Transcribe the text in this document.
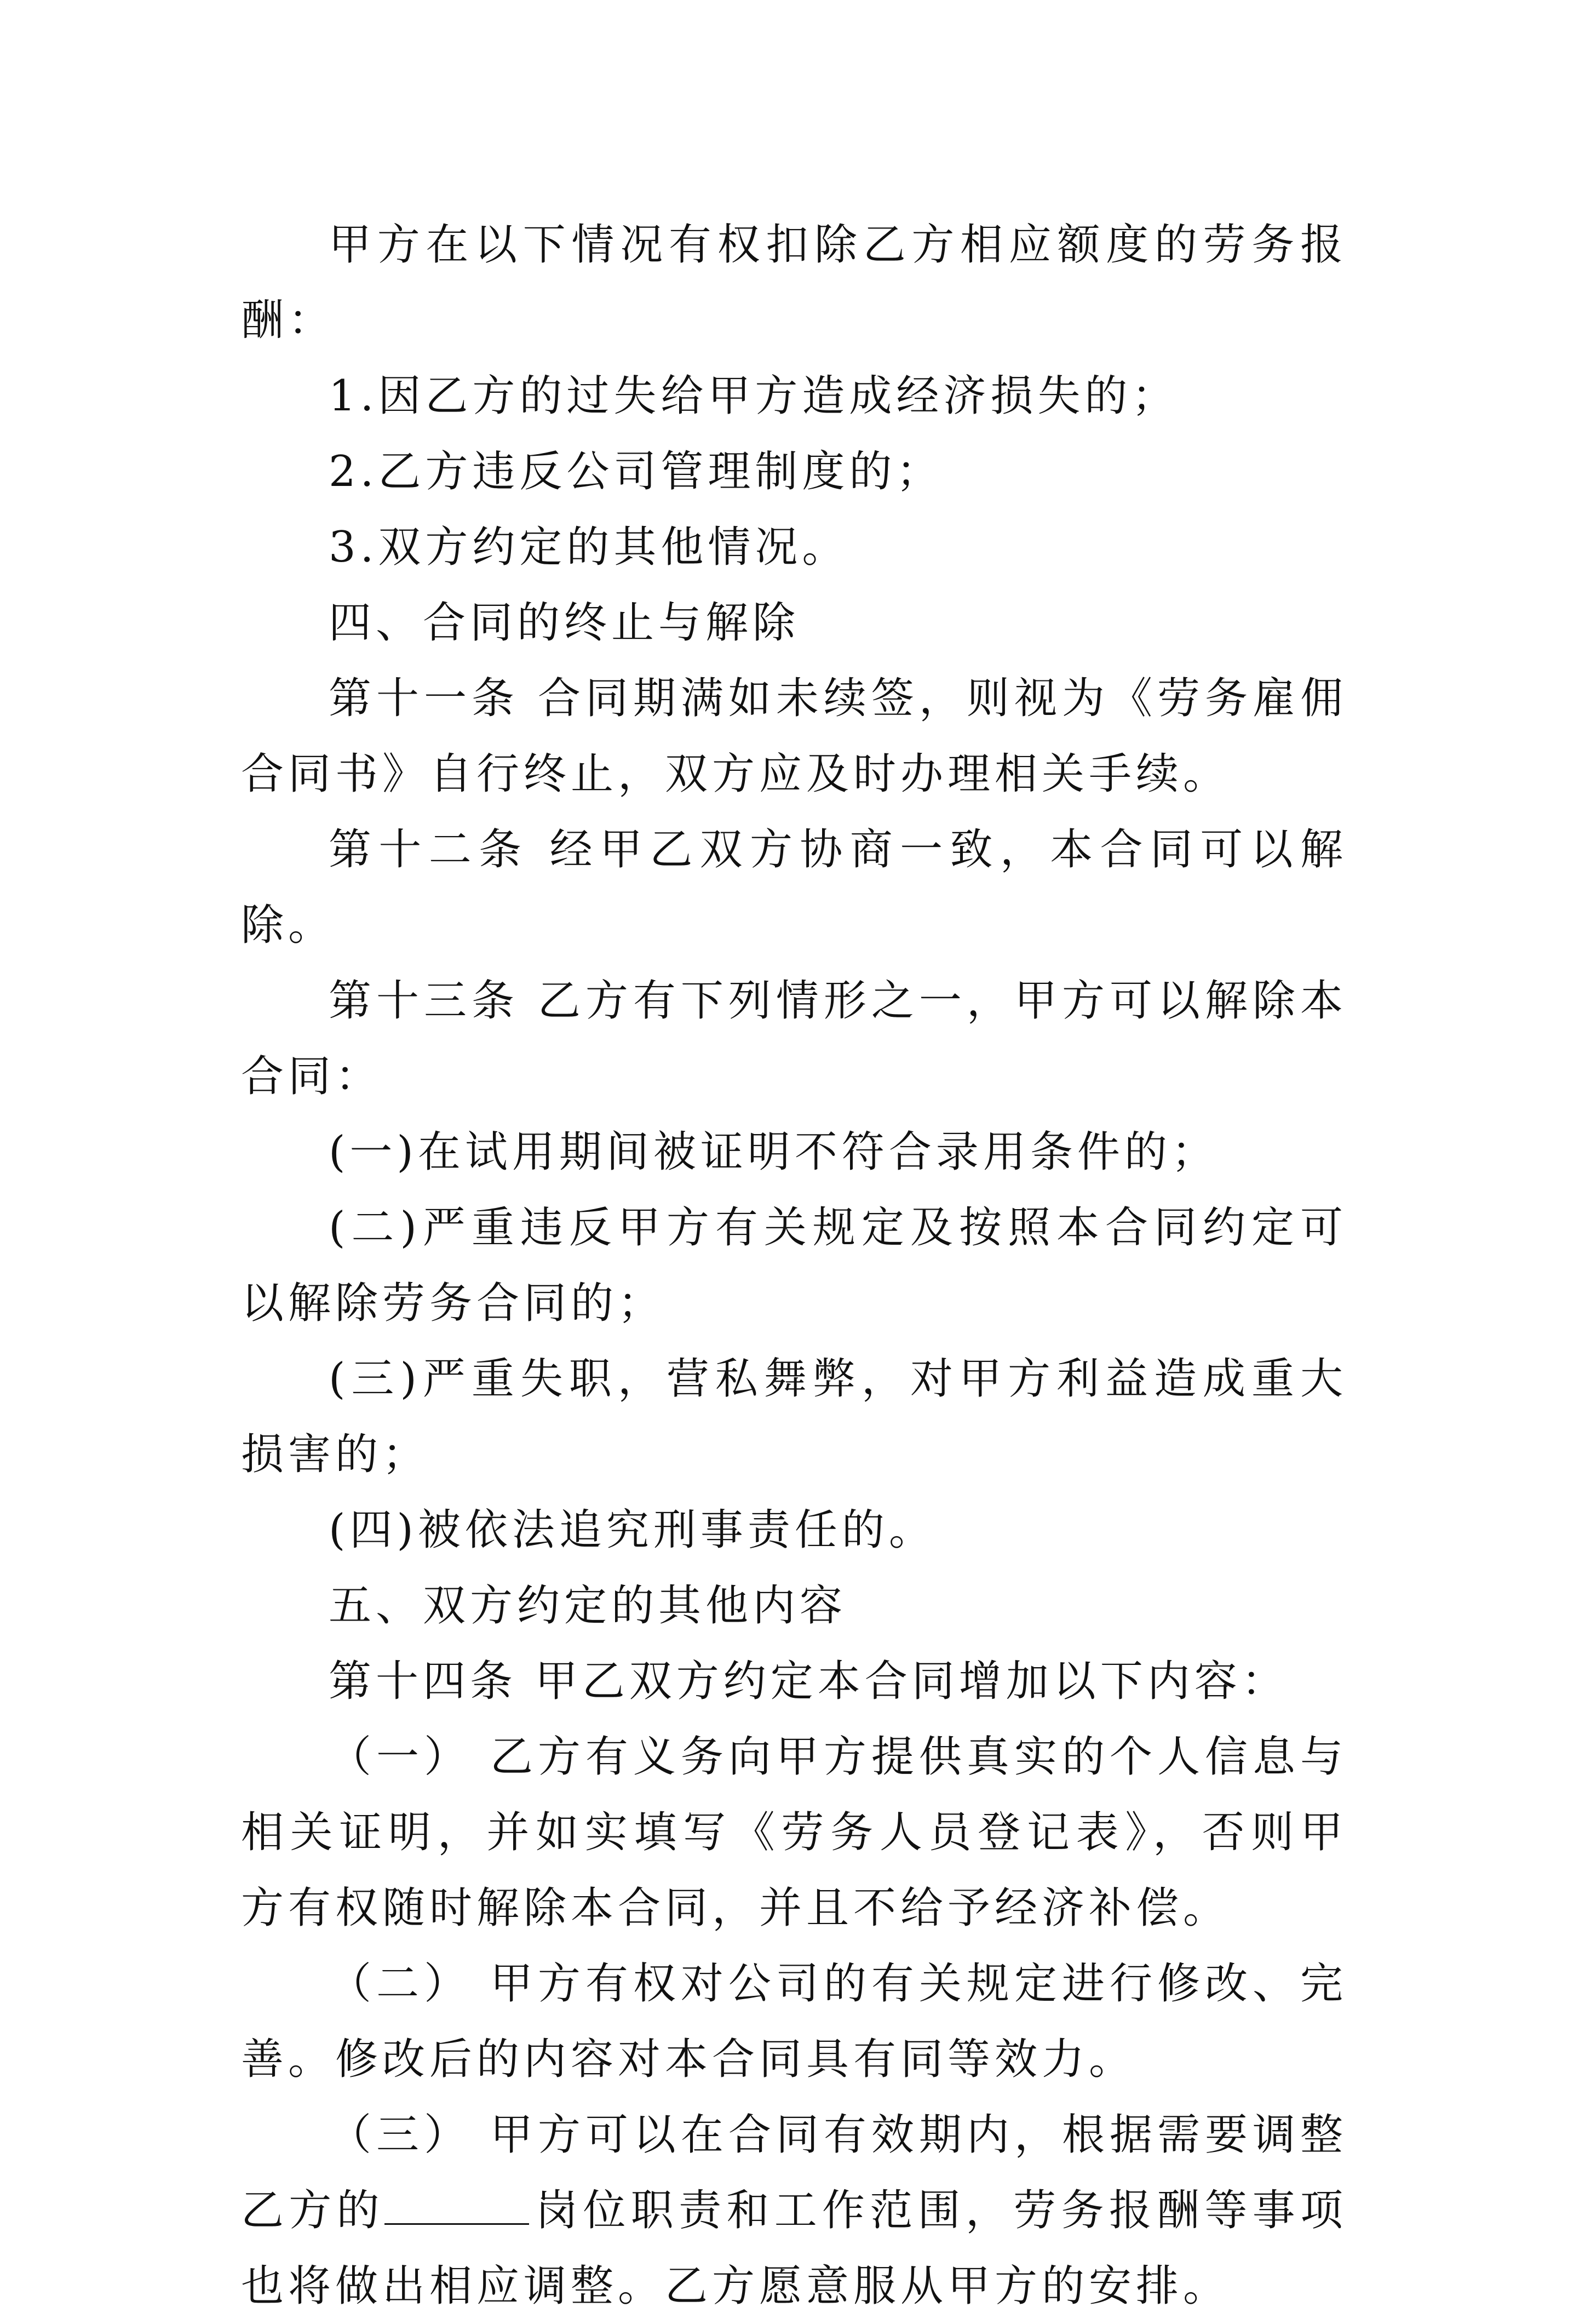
甲方在以下情况有权扣除乙方相应额度的劳务报酬：

1.因乙方的过失给甲方造成经济损失的；

2.乙方违反公司管理制度的；

3.双方约定的其他情况。

四、合同的终止与解除

第十一条 合同期满如未续签，则视为《劳务雇佣合同书》自行终止，双方应及时办理相关手续。

第十二条 经甲乙双方协商一致，本合同可以解除。

第十三条 乙方有下列情形之一，甲方可以解除本合同：

(一)在试用期间被证明不符合录用条件的；

(二)严重违反甲方有关规定及按照本合同约定可以解除劳务合同的；

(三)严重失职，营私舞弊，对甲方利益造成重大损害的；

(四)被依法追究刑事责任的。

五、双方约定的其他内容

第十四条 甲乙双方约定本合同增加以下内容：

（一） 乙方有义务向甲方提供真实的个人信息与相关证明，并如实填写《劳务人员登记表》，否则甲方有权随时解除本合同，并且不给予经济补偿。

（二） 甲方有权对公司的有关规定进行修改、完善。修改后的内容对本合同具有同等效力。

（三） 甲方可以在合同有效期内，根据需要调整乙方的	岗位职责和工作范围，劳务报酬等事项也将做出相应调整。乙方愿意服从甲方的安排。
